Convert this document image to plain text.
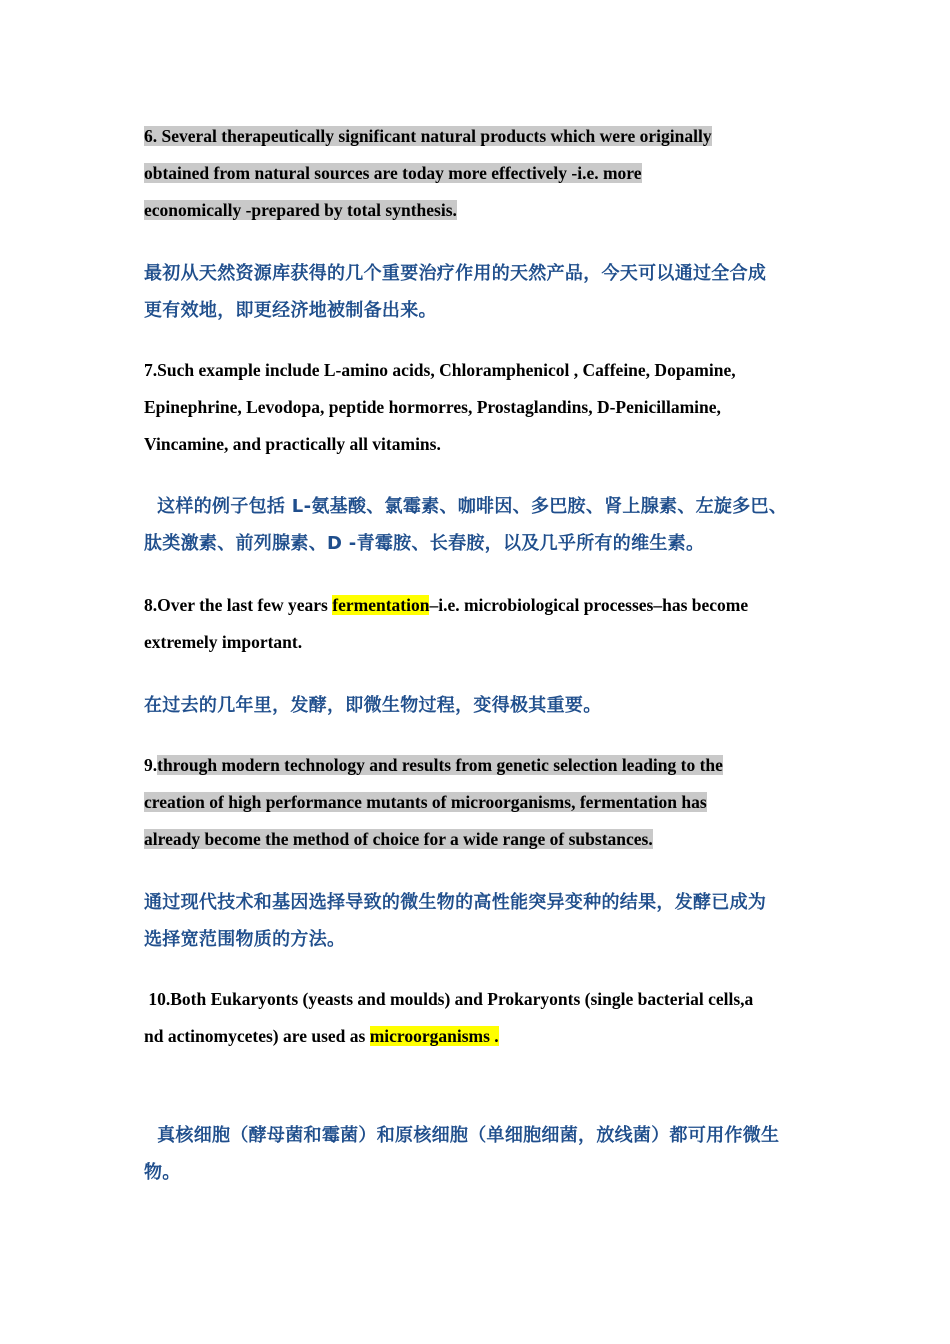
6. Several therapeutically significant natural products which were originally
obtained from natural sources are today more effectively -i.e. more
economically -prepared by total synthesis.

最初从天然资源库获得的几个重要治疗作用的天然产品，今天可以通过全合成
更有效地，即更经济地被制备出来。

7.Such example include L-amino acids, Chloramphenicol , Caffeine, Dopamine,
Epinephrine, Levodopa, peptide hormorres, Prostaglandins, D-Penicillamine,
Vincamine, and practically all vitamins.

这样的例子包括 L-氨基酸、氯霉素、咖啡因、多巴胺、肾上腺素、左旋多巴、
肽类激素、前列腺素、D -青霉胺、长春胺，以及几乎所有的维生素。

8.Over the last few years fermentation–i.e. microbiological processes–has become
extremely important.

在过去的几年里，发酵，即微生物过程，变得极其重要。

9.through modern technology and results from genetic selection leading to the
creation of high performance mutants of microorganisms, fermentation has
already become the method of choice for a wide range of substances.

通过现代技术和基因选择导致的微生物的高性能突异变种的结果，发酵已成为
选择宽范围物质的方法。

10.Both Eukaryonts (yeasts and moulds) and Prokaryonts (single bacterial cells,a
nd actinomycetes) are used as microorganisms .

真核细胞（酵母菌和霉菌）和原核细胞（单细胞细菌，放线菌）都可用作微生
物。
